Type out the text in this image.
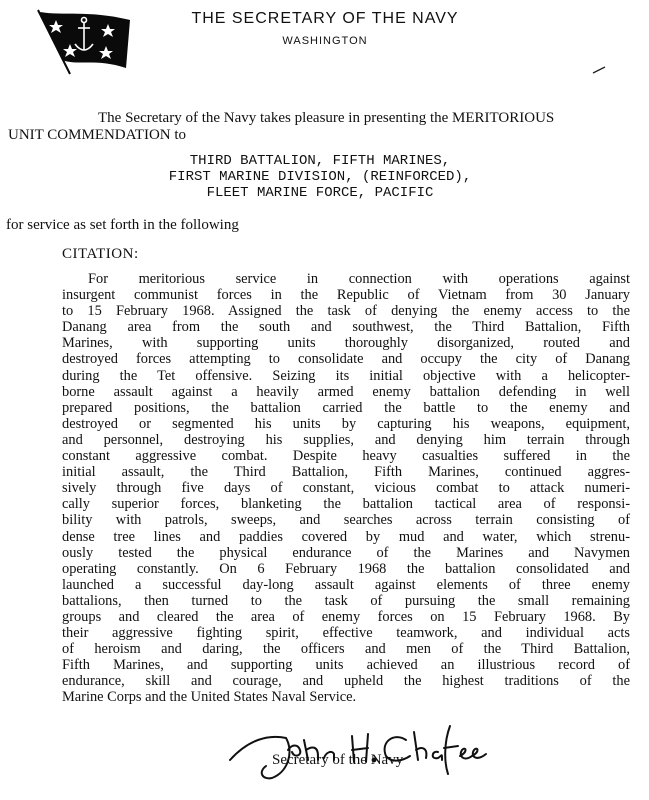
THE SECRETARY OF THE NAVY
WASHINGTON
The Secretary of the Navy takes pleasure in presenting the MERITORIOUS
UNIT COMMENDATION to
THIRD BATTALION, FIFTH MARINES,
FIRST MARINE DIVISION, (REINFORCED),
FLEET MARINE FORCE, PACIFIC
for service as set forth in the following
CITATION:
For meritorious service in connection with operations against
insurgent communist forces in the Republic of Vietnam from 30 January
to 15 February 1968. Assigned the task of denying the enemy access to the
Danang area from the south and southwest, the Third Battalion, Fifth
Marines, with supporting units thoroughly disorganized, routed and
destroyed forces attempting to consolidate and occupy the city of Danang
during the Tet offensive. Seizing its initial objective with a helicopter-
borne assault against a heavily armed enemy battalion defending in well
prepared positions, the battalion carried the battle to the enemy and
destroyed or segmented his units by capturing his weapons, equipment,
and personnel, destroying his supplies, and denying him terrain through
constant aggressive combat. Despite heavy casualties suffered in the
initial assault, the Third Battalion, Fifth Marines, continued aggres-
sively through five days of constant, vicious combat to attack numeri-
cally superior forces, blanketing the battalion tactical area of responsi-
bility with patrols, sweeps, and searches across terrain consisting of
dense tree lines and paddies covered by mud and water, which strenu-
ously tested the physical endurance of the Marines and Navymen
operating constantly. On 6 February 1968 the battalion consolidated and
launched a successful day-long assault against elements of three enemy
battalions, then turned to the task of pursuing the small remaining
groups and cleared the area of enemy forces on 15 February 1968. By
their aggressive fighting spirit, effective teamwork, and individual acts
of heroism and daring, the officers and men of the Third Battalion,
Fifth Marines, and supporting units achieved an illustrious record of
endurance, skill and courage, and upheld the highest traditions of the
Marine Corps and the United States Naval Service.
Secretary of the Navy
